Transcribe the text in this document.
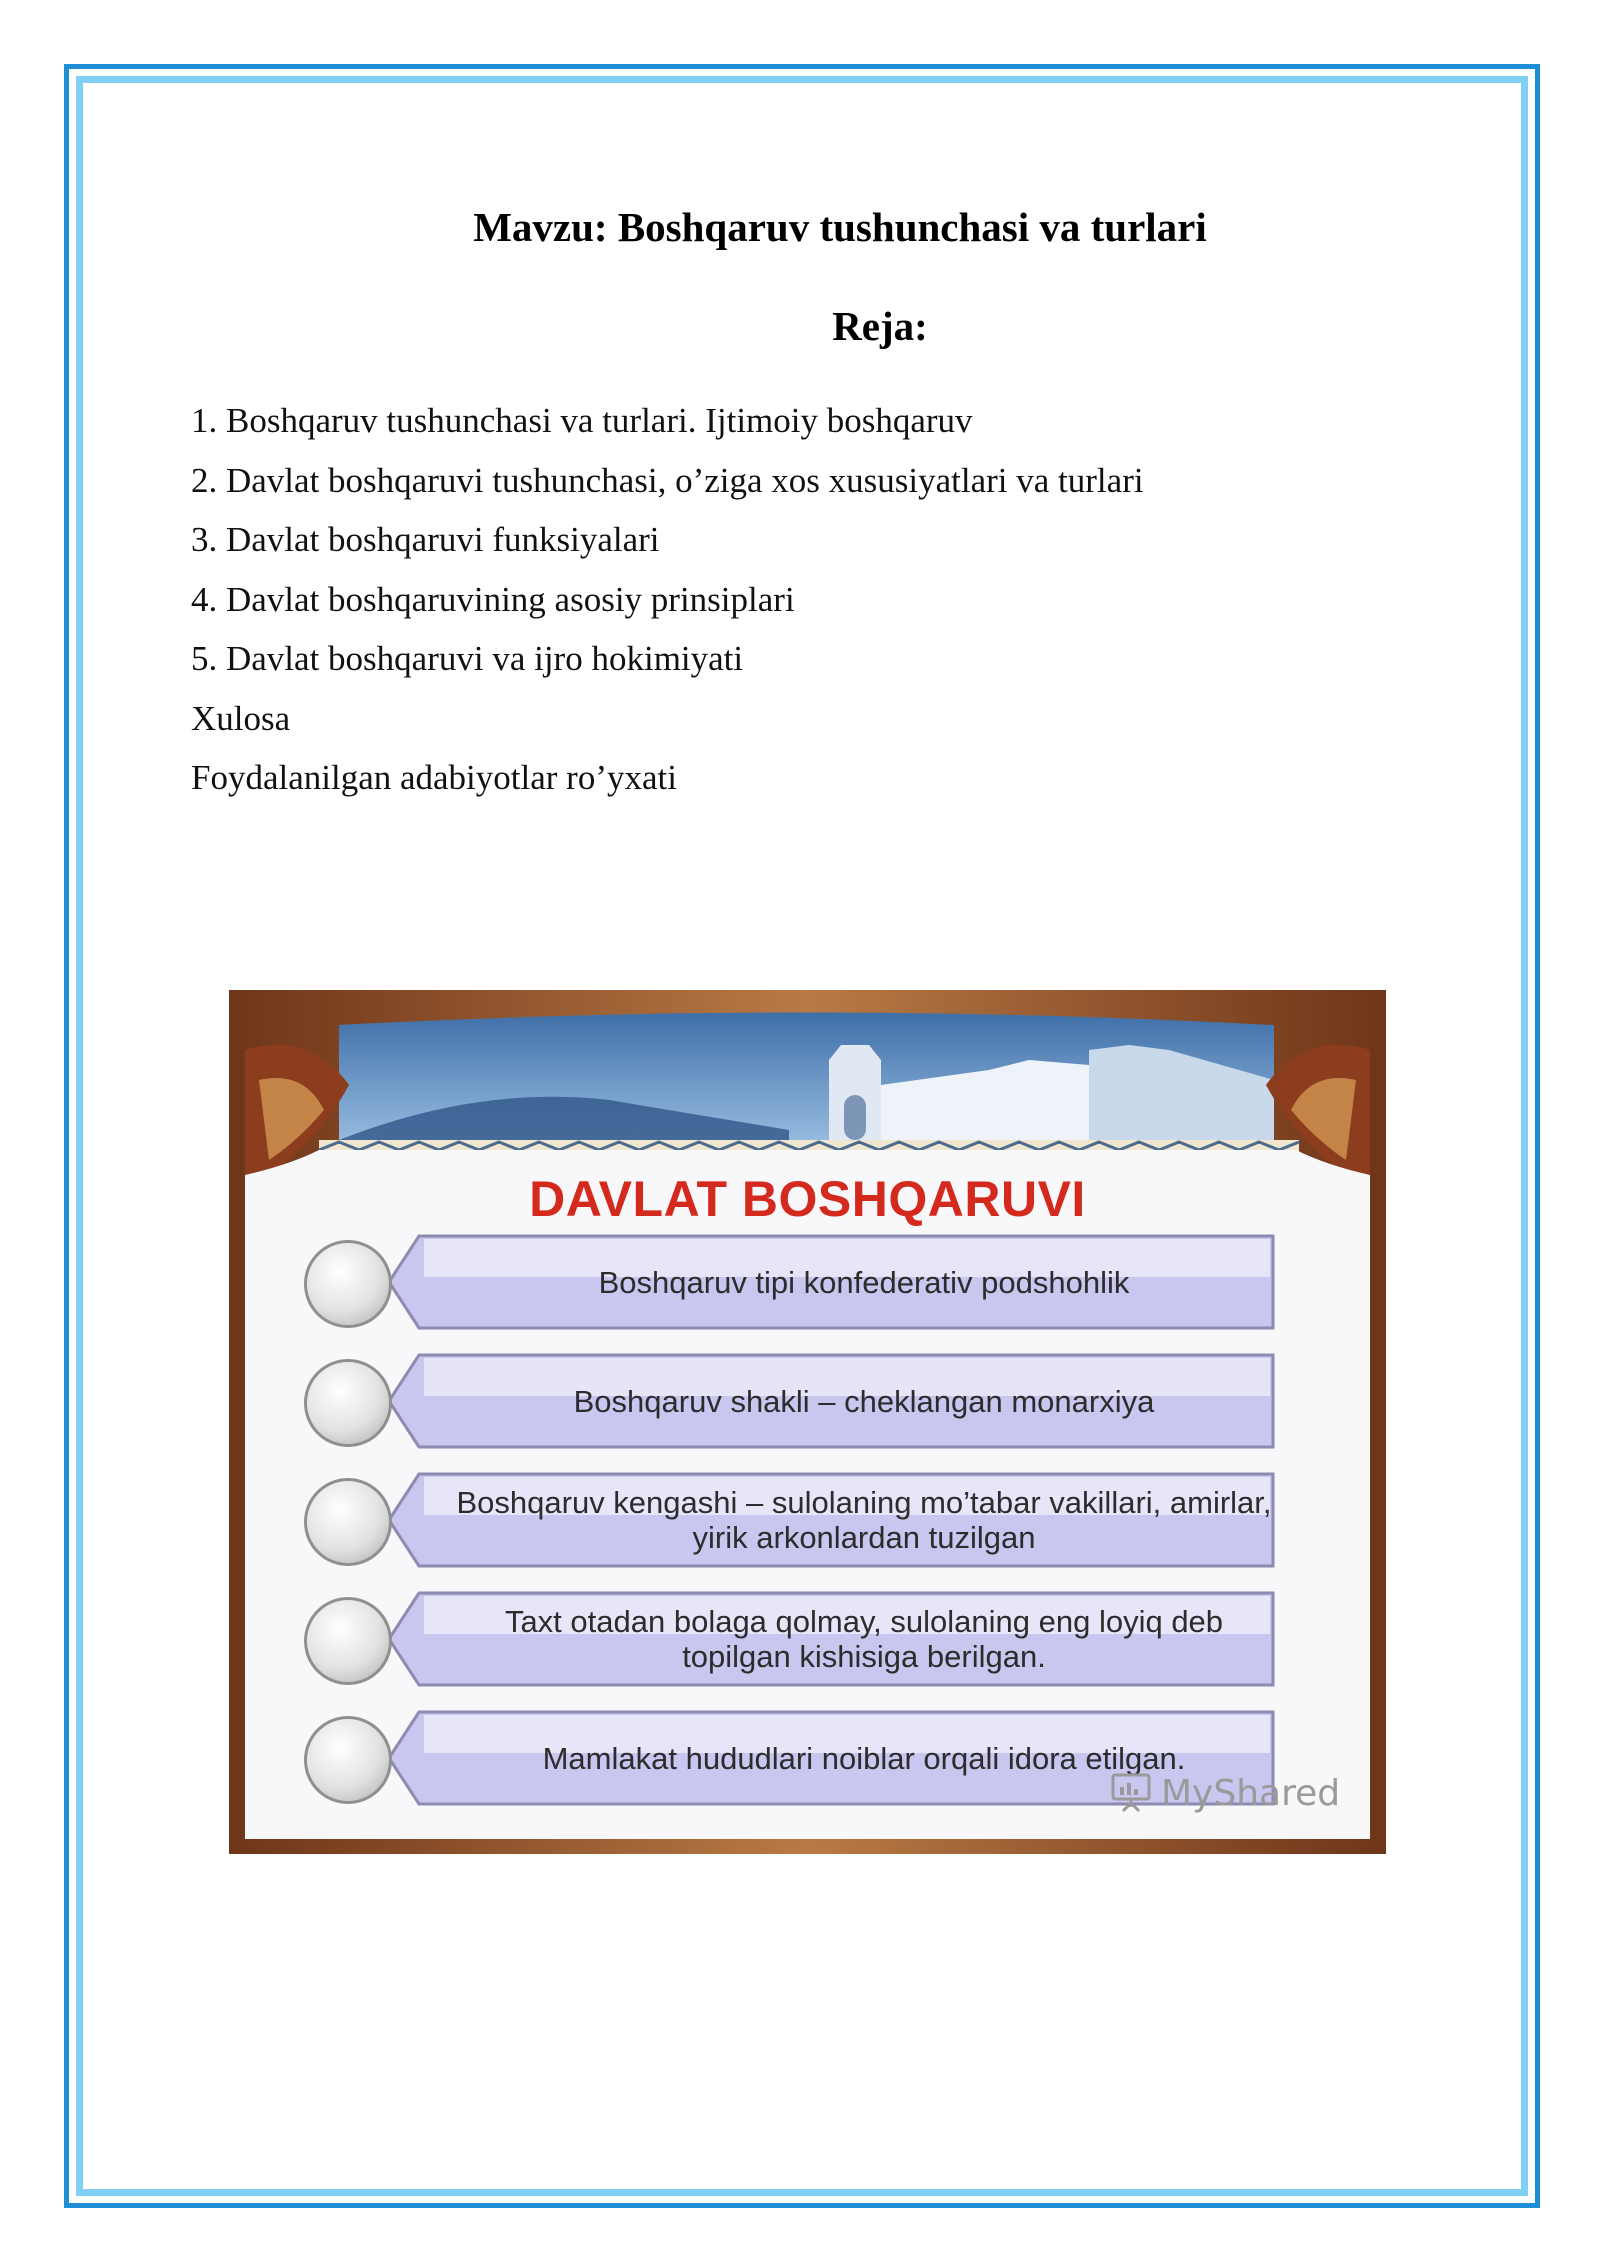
Mavzu: Boshqaruv tushunchasi va turlari
Reja:
1. Boshqaruv tushunchasi va turlari. Ijtimoiy boshqaruv
2. Davlat boshqaruvi tushunchasi, o’ziga xos xususiyatlari va turlari
3. Davlat boshqaruvi funksiyalari
4. Davlat boshqaruvining asosiy prinsiplari
5. Davlat boshqaruvi va ijro hokimiyati
Xulosa
Foydalanilgan adabiyotlar ro’yxati
DAVLAT BOSHQARUVI
Boshqaruv tipi konfederativ podshohlik
Boshqaruv shakli – cheklangan monarxiya
Boshqaruv kengashi – sulolaning mo’tabar vakillari, amirlar, yirik arkonlardan tuzilgan
Taxt otadan bolaga qolmay, sulolaning eng loyiq deb topilgan kishisiga berilgan.
Mamlakat hududlari noiblar orqali idora etilgan.
MyShared
